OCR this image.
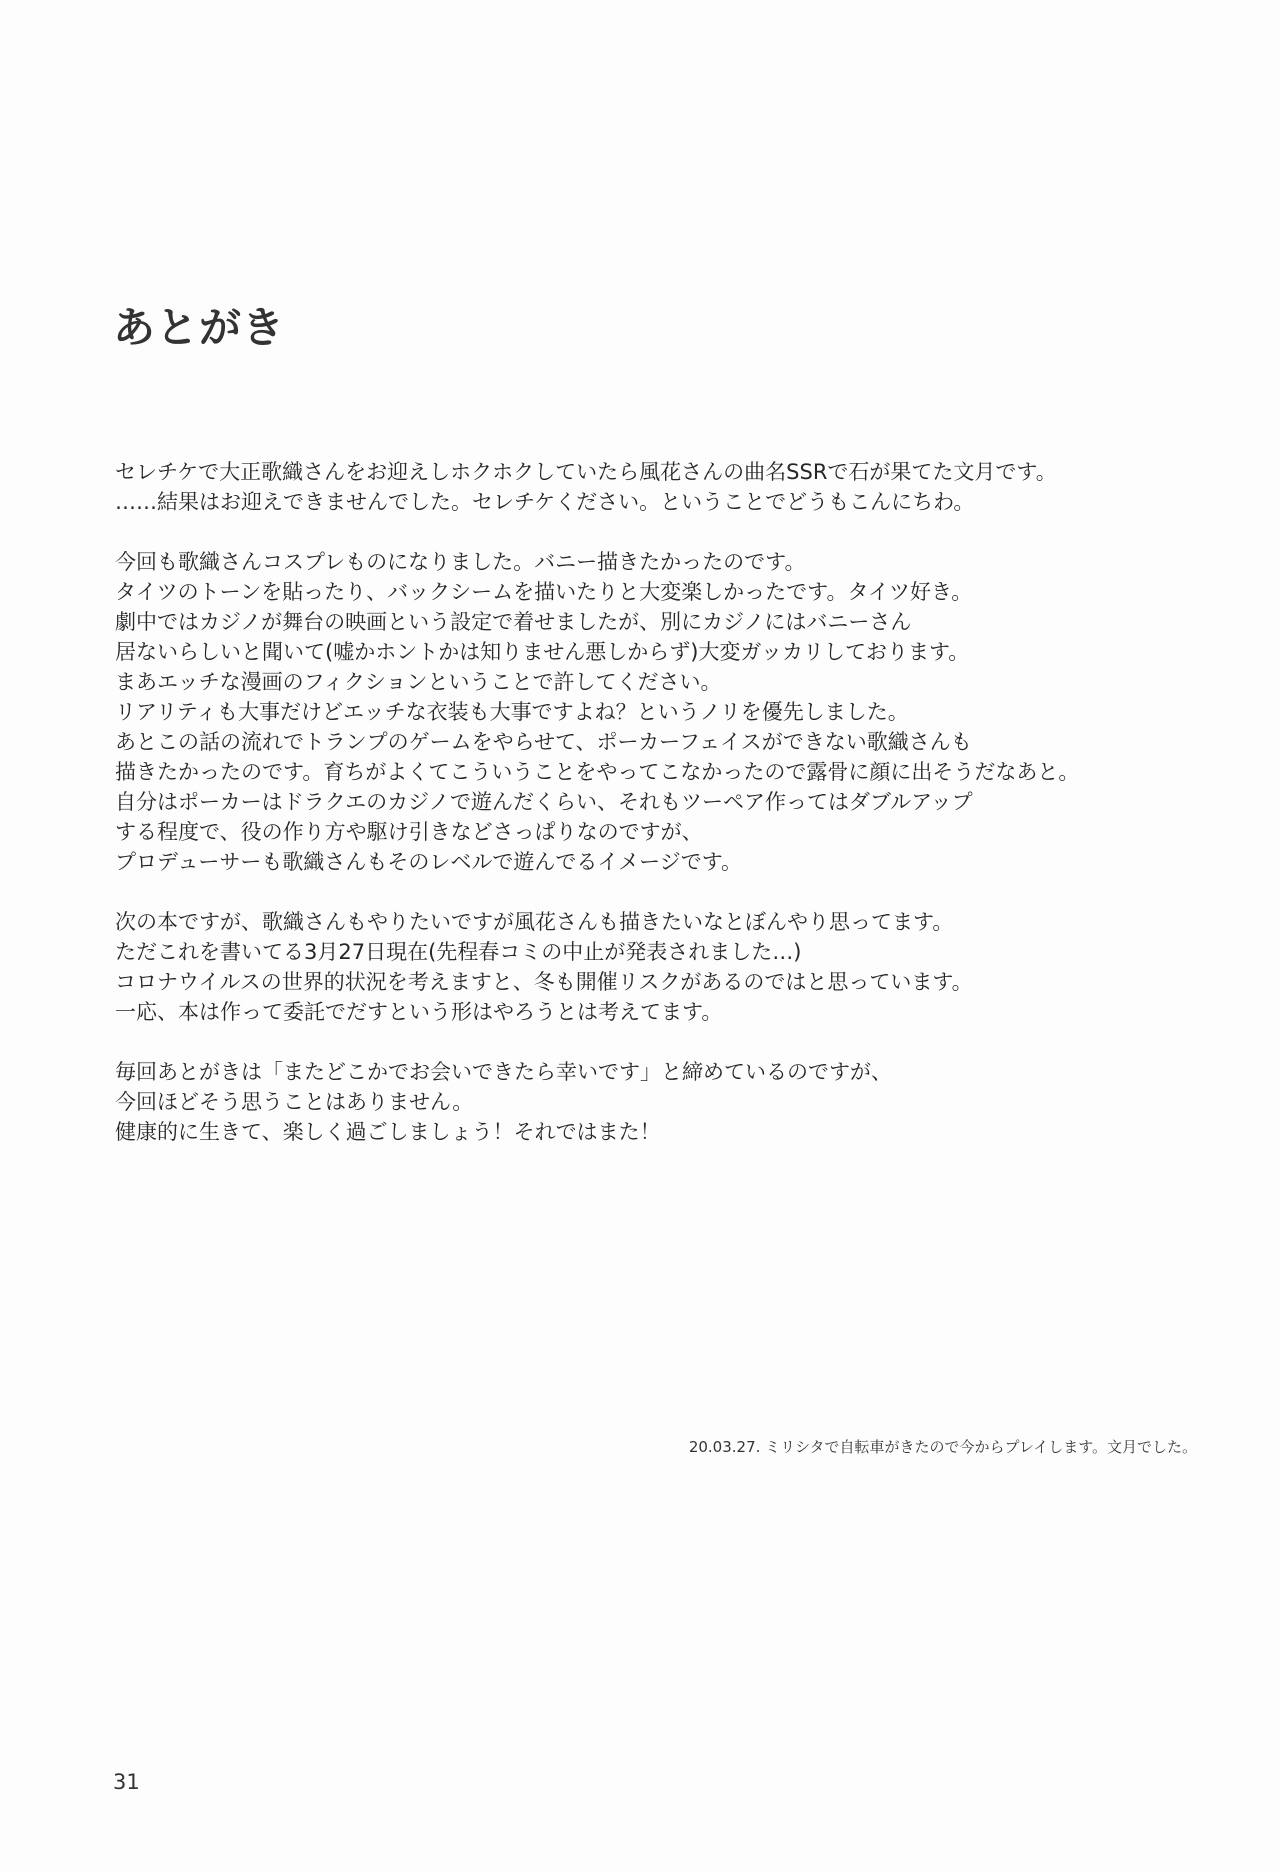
あとがき

セレチケで大正歌織さんをお迎えしホクホクしていたら風花さんの曲名SSRで石が果てた文月です。
……結果はお迎えできませんでした。セレチケください。ということでどうもこんにちわ。

今回も歌織さんコスプレものになりました。バニー描きたかったのです。
タイツのトーンを貼ったり、バックシームを描いたりと大変楽しかったです。タイツ好き。
劇中ではカジノが舞台の映画という設定で着せましたが、別にカジノにはバニーさん
居ないらしいと聞いて(嘘かホントかは知りません悪しからず)大変ガッカリしております。
まあエッチな漫画のフィクションということで許してください。
リアリティも大事だけどエッチな衣装も大事ですよね？というノリを優先しました。
あとこの話の流れでトランプのゲームをやらせて、ポーカーフェイスができない歌織さんも
描きたかったのです。育ちがよくてこういうことをやってこなかったので露骨に顔に出そうだなあと。
自分はポーカーはドラクエのカジノで遊んだくらい、それもツーペア作ってはダブルアップ
する程度で、役の作り方や駆け引きなどさっぱりなのですが、
プロデューサーも歌織さんもそのレベルで遊んでるイメージです。

次の本ですが、歌織さんもやりたいですが風花さんも描きたいなとぼんやり思ってます。
ただこれを書いてる3月27日現在(先程春コミの中止が発表されました…)
コロナウイルスの世界的状況を考えますと、冬も開催リスクがあるのではと思っています。
一応、本は作って委託でだすという形はやろうとは考えてます。

毎回あとがきは「またどこかでお会いできたら幸いです」と締めているのですが、
今回ほどそう思うことはありません。
健康的に生きて、楽しく過ごしましょう！それではまた！

20.03.27. ミリシタで自転車がきたので今からプレイします。文月でした。
31
